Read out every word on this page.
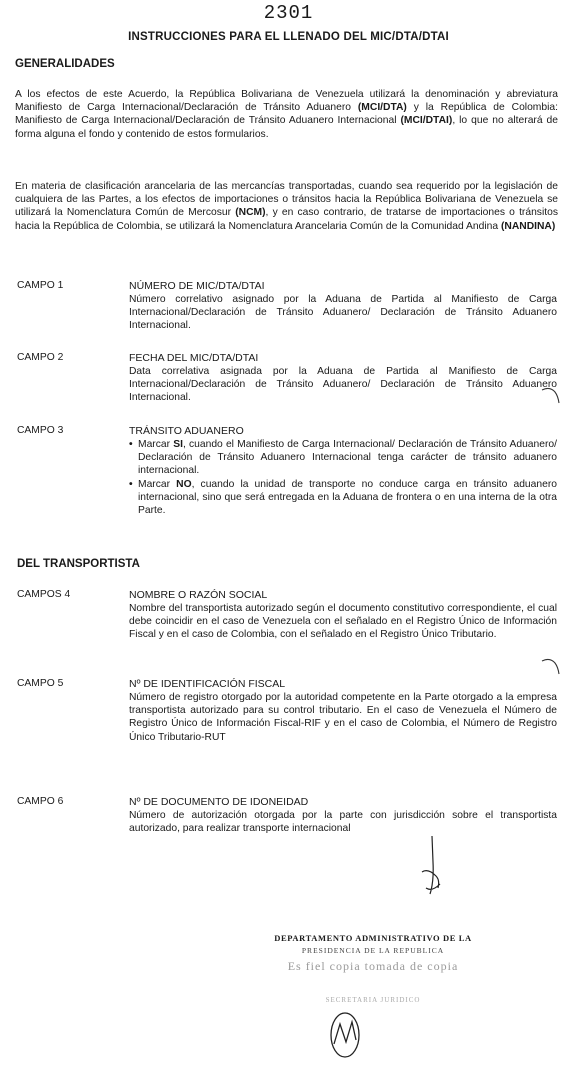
2301
INSTRUCCIONES PARA EL LLENADO DEL MIC/DTA/DTAI
GENERALIDADES

A los efectos de este Acuerdo, la República Bolivariana de Venezuela utilizará la denominación y abreviatura Manifiesto de Carga Internacional/Declaración de Tránsito Aduanero (MCI/DTA) y la República de Colombia: Manifiesto de Carga Internacional/Declaración de Tránsito Aduanero Internacional (MCI/DTAI), lo que no alterará de forma alguna el fondo y contenido de estos formularios.

En materia de clasificación arancelaria de las mercancías transportadas, cuando sea requerido por la legislación de cualquiera de las Partes, a los efectos de importaciones o tránsitos hacia la República Bolivariana de Venezuela se utilizará la Nomenclatura Común de Mercosur (NCM), y en caso contrario, de tratarse de importaciones o tránsitos hacia la República de Colombia, se utilizará la Nomenclatura Arancelaria Común de la Comunidad Andina (NANDINA)

CAMPO 1	NÚMERO DE MIC/DTA/DTAI

Número correlativo asignado por la Aduana de Partida al Manifiesto de Carga Internacional/Declaración de Tránsito Aduanero/ Declaración de Tránsito Aduanero Internacional.

CAMPO 2	FECHA DEL MIC/DTA/DTAI

Data correlativa asignada por la Aduana de Partida al Manifiesto de Carga Internacional/Declaración de Tránsito Aduanero/ Declaración de Tránsito Aduanero Internacional.

CAMPO 3	TRÁNSITO ADUANERO
• Marcar SI, cuando el Manifiesto de Carga Internacional/ Declaración de Tránsito Aduanero/ Declaración de Tránsito Aduanero Internacional tenga carácter de tránsito aduanero internacional.
• Marcar NO, cuando la unidad de transporte no conduce carga en tránsito aduanero internacional, sino que será entregada en la Aduana de frontera o en una interna de la otra Parte.
DEL TRANSPORTISTA
CAMPOS 4	NOMBRE O RAZÓN SOCIAL

Nombre del transportista autorizado según el documento constitutivo correspondiente, el cual debe coincidir en el caso de Venezuela con el señalado en el Registro Único de Información Fiscal y en el caso de Colombia, con el señalado en el Registro Único Tributario.

CAMPO 5	Nº DE IDENTIFICACIÓN FISCAL

Número de registro otorgado por la autoridad competente en la Parte otorgado a la empresa transportista autorizado para su control tributario. En el caso de Venezuela el Número de Registro Único de Información Fiscal-RIF y en el caso de Colombia, el Número de Registro Único Tributario-RUT

CAMPO 6	Nº DE DOCUMENTO DE IDONEIDAD

Número de autorización otorgada por la parte con jurisdicción sobre el transportista autorizado, para realizar transporte internacional

DEPARTAMENTO ADMINISTRATIVO DE LA
PRESIDENCIA DE LA REPUBLICA
Es fiel copia tomada de copia
SECRETARIA JURIDICO
